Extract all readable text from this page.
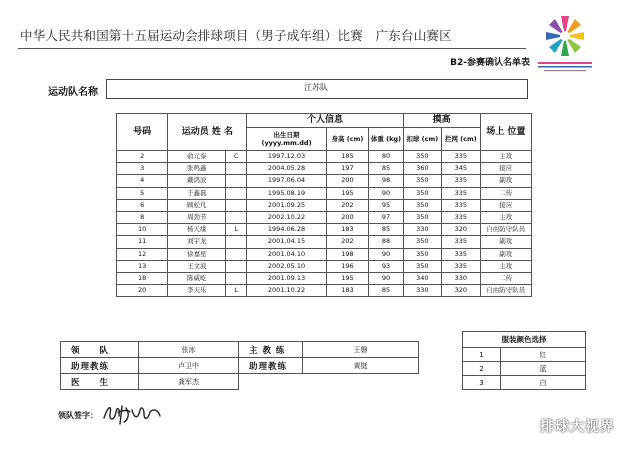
中华人民共和国第十五届运动会排球项目（男子成年组）比赛　广东台山赛区
B2-参赛确认名单表
运动队名称	江苏队
号码	运动员 姓 名		个人信息			摸高		场上 位置
			出生日期 (yyyy.mm.dd)	身高 (cm)	体重 (kg)	扣球 (cm)	拦网 (cm)	
2	俞元泰	C	1997.12.03	185	80	350	335	主攻
3	张鸣鑫		2004.05.28	197	85	360	345	接应
4	戴鸿波		1997.06.04	200	98	350	335	副攻
5	于鑫磊		1995.08.19	195	90	350	335	二传
6	顾松凡		2001.09.25	202	95	350	335	接应
8	周劲节		2002.10.22	200	97	350	335	主攻
10	杨天缘	L	1994.06.28	183	85	330	320	自由防守队员
11	刘宇龙		2001.04.15	202	88	350	335	副攻
12	徐嘉星		2001.04.10	198	90	350	335	副攻
13	王文波		2002.05.10	196	93	350	335	主攻
18	陈威屹		2001.09.13	195	90	340	330	二传
20	李天乐	L	2001.10.22	183	85	330	320	自由防守队员
领　　队	张冰	主 教 练	王磐
助理教练	卢卫中	助理教练	黄挺
医　　生	龚军杰		
服装颜色选择	
1	红
2	蓝
3	白
领队签字：
排球大视界
